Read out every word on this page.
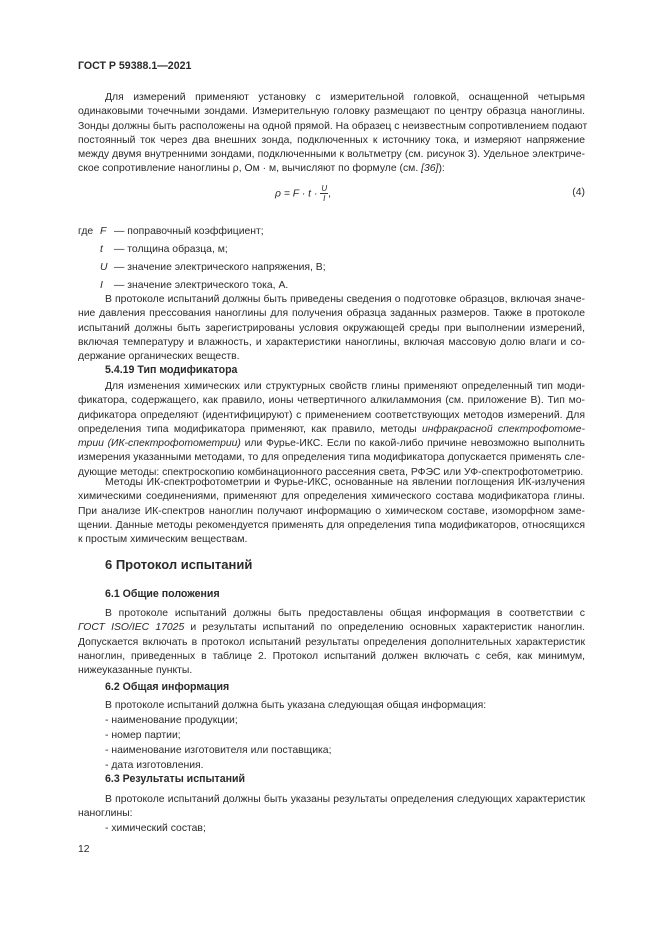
ГОСТ Р 59388.1—2021
Для измерений применяют установку с измерительной головкой, оснащенной четырьмя
одинаковыми точечными зондами. Измерительную головку размещают по центру образца наноглины.
Зонды должны быть расположены на одной прямой. На образец с неизвестным сопротивлением подают
постоянный ток через два внешних зонда, подключенных к источнику тока, и измеряют напряжение
между двумя внутренними зондами, подключенными к вольтметру (см. рисунок 3). Удельное электриче-
ское сопротивление наноглины ρ, Ом · м, вычисляют по формуле (см. [36]):
$\rho = F \cdot t \cdot \frac{U}{I}$ ,	(4)
где F — поправочный коэффициент;
t — толщина образца, м;
U — значение электрического напряжения, В;
I — значение электрического тока, А.
В протоколе испытаний должны быть приведены сведения о подготовке образцов, включая значе-
ние давления прессования наноглины для получения образца заданных размеров. Также в протоколе
испытаний должны быть зарегистрированы условия окружающей среды при выполнении измерений,
включая температуру и влажность, и характеристики наноглины, включая массовую долю влаги и со-
держание органических веществ.
5.4.19 Тип модификатора
Для изменения химических или структурных свойств глины применяют определенный тип моди-
фикатора, содержащего, как правило, ионы четвертичного алкиламмония (см. приложение В). Тип мо-
дификатора определяют (идентифицируют) с применением соответствующих методов измерений. Для
определения типа модификатора применяют, как правило, методы инфракрасной спектрофотоме-
трии (ИК-спектрофотометрии) или Фурье-ИКС. Если по какой-либо причине невозможно выполнить
измерения указанными методами, то для определения типа модификатора допускается применять сле-
дующие методы: спектроскопию комбинационного рассеяния света, РФЭС или УФ-спектрофотометрию.
Методы ИК-спектрофотометрии и Фурье-ИКС, основанные на явлении поглощения ИК-излучения
химическими соединениями, применяют для определения химического состава модификатора глины.
При анализе ИК-спектров наноглин получают информацию о химическом составе, изоморфном заме-
щении. Данные методы рекомендуется применять для определения типа модификаторов, относящихся
к простым химическим веществам.
6 Протокол испытаний
6.1 Общие положения
В протоколе испытаний должны быть предоставлены общая информация в соответствии с
ГОСТ ISO/IEC 17025 и результаты испытаний по определению основных характеристик наноглин.
Допускается включать в протокол испытаний результаты определения дополнительных характеристик
наноглин, приведенных в таблице 2. Протокол испытаний должен включать с себя, как минимум,
нижеуказанные пункты.
6.2 Общая информация
В протоколе испытаний должна быть указана следующая общая информация:
- наименование продукции;
- номер партии;
- наименование изготовителя или поставщика;
- дата изготовления.
6.3 Результаты испытаний
В протоколе испытаний должны быть указаны результаты определения следующих характеристик
наноглины:
- химический состав;
12
